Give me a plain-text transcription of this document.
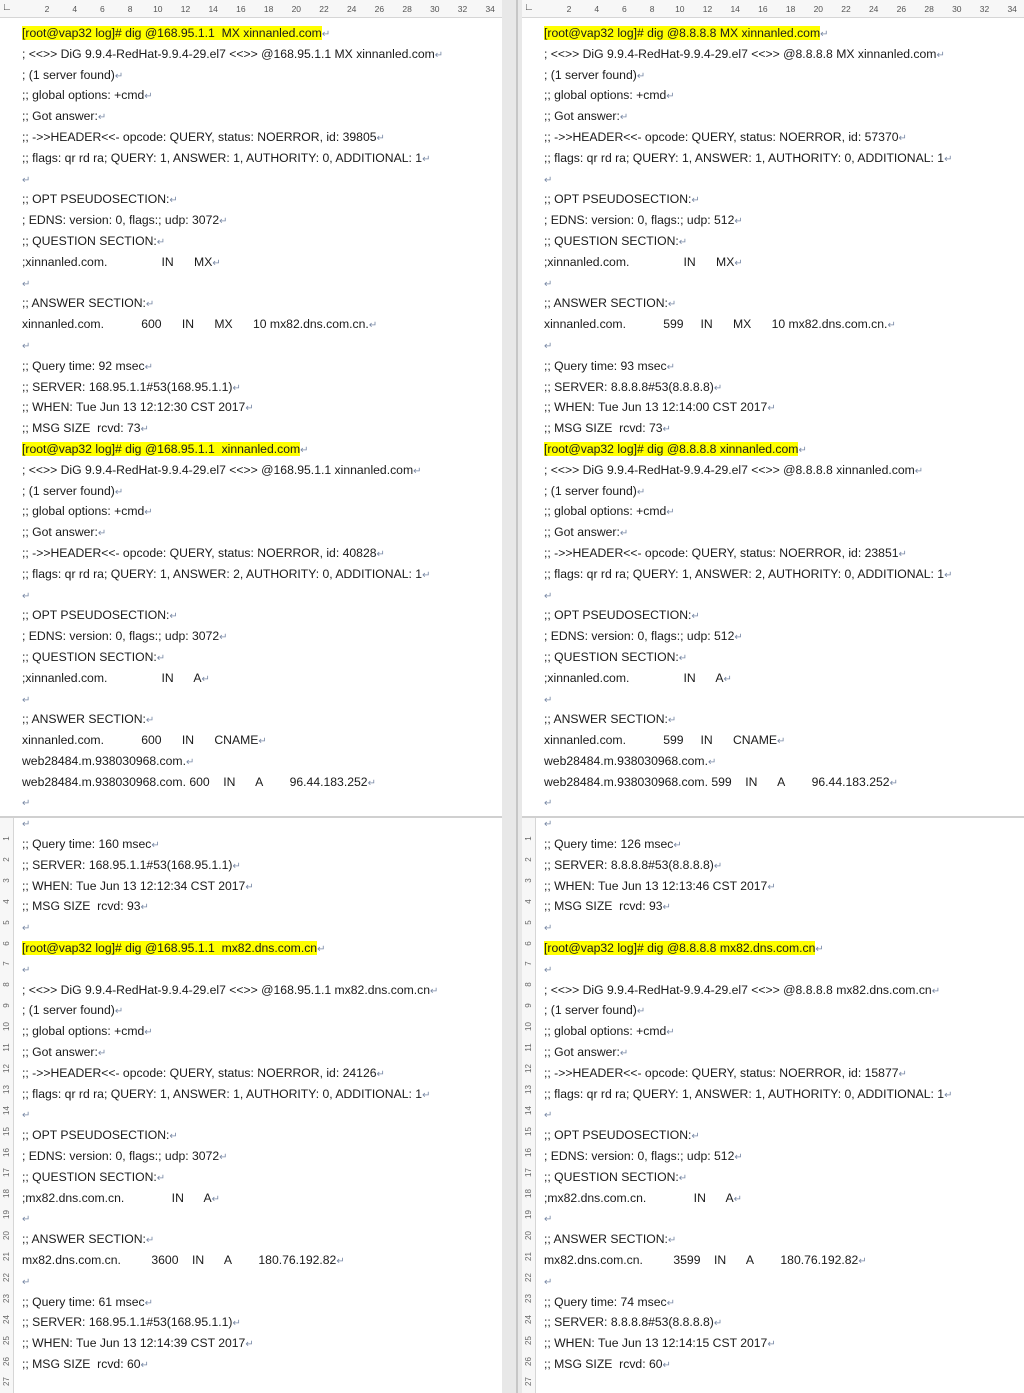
∟	2	4	6	8 10 12 14 16 18 20 22 24 26 28 30 32 34
1
2
3
4
5
6
7
8
9
10
11
12
13
14
15
16
17
18
19
20
21
22
23
24
25
26
27
[root@vap32 log]# dig @168.95.1.1  MX xinnanled.com↵
; <<>> DiG 9.9.4-RedHat-9.9.4-29.el7 <<>> @168.95.1.1 MX xinnanled.com↵
; (1 server found)↵
;; global options: +cmd↵
;; Got answer:↵
;; ->>HEADER<<- opcode: QUERY, status: NOERROR, id: 39805↵
;; flags: qr rd ra; QUERY: 1, ANSWER: 1, AUTHORITY: 0, ADDITIONAL: 1↵
↵
;; OPT PSEUDOSECTION:↵
; EDNS: version: 0, flags:; udp: 3072↵
;; QUESTION SECTION:↵
;xinnanled.com.                IN      MX↵
↵
;; ANSWER SECTION:↵
xinnanled.com.           600      IN      MX      10 mx82.dns.com.cn.↵
↵
;; Query time: 92 msec↵
;; SERVER: 168.95.1.1#53(168.95.1.1)↵
;; WHEN: Tue Jun 13 12:12:30 CST 2017↵
;; MSG SIZE  rcvd: 73↵
[root@vap32 log]# dig @168.95.1.1  xinnanled.com↵
; <<>> DiG 9.9.4-RedHat-9.9.4-29.el7 <<>> @168.95.1.1 xinnanled.com↵
; (1 server found)↵
;; global options: +cmd↵
;; Got answer:↵
;; ->>HEADER<<- opcode: QUERY, status: NOERROR, id: 40828↵
;; flags: qr rd ra; QUERY: 1, ANSWER: 2, AUTHORITY: 0, ADDITIONAL: 1↵
↵
;; OPT PSEUDOSECTION:↵
; EDNS: version: 0, flags:; udp: 3072↵
;; QUESTION SECTION:↵
;xinnanled.com.                IN      A↵
↵
;; ANSWER SECTION:↵
xinnanled.com.           600      IN      CNAME↵
web28484.m.938030968.com.↵
web28484.m.938030968.com. 600    IN      A        96.44.183.252↵
↵
↵
;; Query time: 160 msec↵
;; SERVER: 168.95.1.1#53(168.95.1.1)↵
;; WHEN: Tue Jun 13 12:12:34 CST 2017↵
;; MSG SIZE  rcvd: 93↵
↵
[root@vap32 log]# dig @168.95.1.1  mx82.dns.com.cn↵
↵
; <<>> DiG 9.9.4-RedHat-9.9.4-29.el7 <<>> @168.95.1.1 mx82.dns.com.cn↵
; (1 server found)↵
;; global options: +cmd↵
;; Got answer:↵
;; ->>HEADER<<- opcode: QUERY, status: NOERROR, id: 24126↵
;; flags: qr rd ra; QUERY: 1, ANSWER: 1, AUTHORITY: 0, ADDITIONAL: 1↵
↵
;; OPT PSEUDOSECTION:↵
; EDNS: version: 0, flags:; udp: 3072↵
;; QUESTION SECTION:↵
;mx82.dns.com.cn.              IN      A↵
↵
;; ANSWER SECTION:↵
mx82.dns.com.cn.         3600    IN      A        180.76.192.82↵
↵
;; Query time: 61 msec↵
;; SERVER: 168.95.1.1#53(168.95.1.1)↵
;; WHEN: Tue Jun 13 12:14:39 CST 2017↵
;; MSG SIZE  rcvd: 60↵
∟	2	4	6	8 10 12 14 16 18 20 22 24 26 28 30 32 34
1
2
3
4
5
6
7
8
9
10
11
12
13
14
15
16
17
18
19
20
21
22
23
24
25
26
27
[root@vap32 log]# dig @8.8.8.8 MX xinnanled.com↵
; <<>> DiG 9.9.4-RedHat-9.9.4-29.el7 <<>> @8.8.8.8 MX xinnanled.com↵
; (1 server found)↵
;; global options: +cmd↵
;; Got answer:↵
;; ->>HEADER<<- opcode: QUERY, status: NOERROR, id: 57370↵
;; flags: qr rd ra; QUERY: 1, ANSWER: 1, AUTHORITY: 0, ADDITIONAL: 1↵
↵
;; OPT PSEUDOSECTION:↵
; EDNS: version: 0, flags:; udp: 512↵
;; QUESTION SECTION:↵
;xinnanled.com.                IN      MX↵
↵
;; ANSWER SECTION:↵
xinnanled.com.           599     IN      MX      10 mx82.dns.com.cn.↵
↵
;; Query time: 93 msec↵
;; SERVER: 8.8.8.8#53(8.8.8.8)↵
;; WHEN: Tue Jun 13 12:14:00 CST 2017↵
;; MSG SIZE  rcvd: 73↵
[root@vap32 log]# dig @8.8.8.8 xinnanled.com↵
; <<>> DiG 9.9.4-RedHat-9.9.4-29.el7 <<>> @8.8.8.8 xinnanled.com↵
; (1 server found)↵
;; global options: +cmd↵
;; Got answer:↵
;; ->>HEADER<<- opcode: QUERY, status: NOERROR, id: 23851↵
;; flags: qr rd ra; QUERY: 1, ANSWER: 2, AUTHORITY: 0, ADDITIONAL: 1↵
↵
;; OPT PSEUDOSECTION:↵
; EDNS: version: 0, flags:; udp: 512↵
;; QUESTION SECTION:↵
;xinnanled.com.                IN      A↵
↵
;; ANSWER SECTION:↵
xinnanled.com.           599     IN      CNAME↵
web28484.m.938030968.com.↵
web28484.m.938030968.com. 599    IN      A        96.44.183.252↵
↵
↵
;; Query time: 126 msec↵
;; SERVER: 8.8.8.8#53(8.8.8.8)↵
;; WHEN: Tue Jun 13 12:13:46 CST 2017↵
;; MSG SIZE  rcvd: 93↵
↵
[root@vap32 log]# dig @8.8.8.8 mx82.dns.com.cn↵
↵
; <<>> DiG 9.9.4-RedHat-9.9.4-29.el7 <<>> @8.8.8.8 mx82.dns.com.cn↵
; (1 server found)↵
;; global options: +cmd↵
;; Got answer:↵
;; ->>HEADER<<- opcode: QUERY, status: NOERROR, id: 15877↵
;; flags: qr rd ra; QUERY: 1, ANSWER: 1, AUTHORITY: 0, ADDITIONAL: 1↵
↵
;; OPT PSEUDOSECTION:↵
; EDNS: version: 0, flags:; udp: 512↵
;; QUESTION SECTION:↵
;mx82.dns.com.cn.              IN      A↵
↵
;; ANSWER SECTION:↵
mx82.dns.com.cn.         3599    IN      A        180.76.192.82↵
↵
;; Query time: 74 msec↵
;; SERVER: 8.8.8.8#53(8.8.8.8)↵
;; WHEN: Tue Jun 13 12:14:15 CST 2017↵
;; MSG SIZE  rcvd: 60↵
